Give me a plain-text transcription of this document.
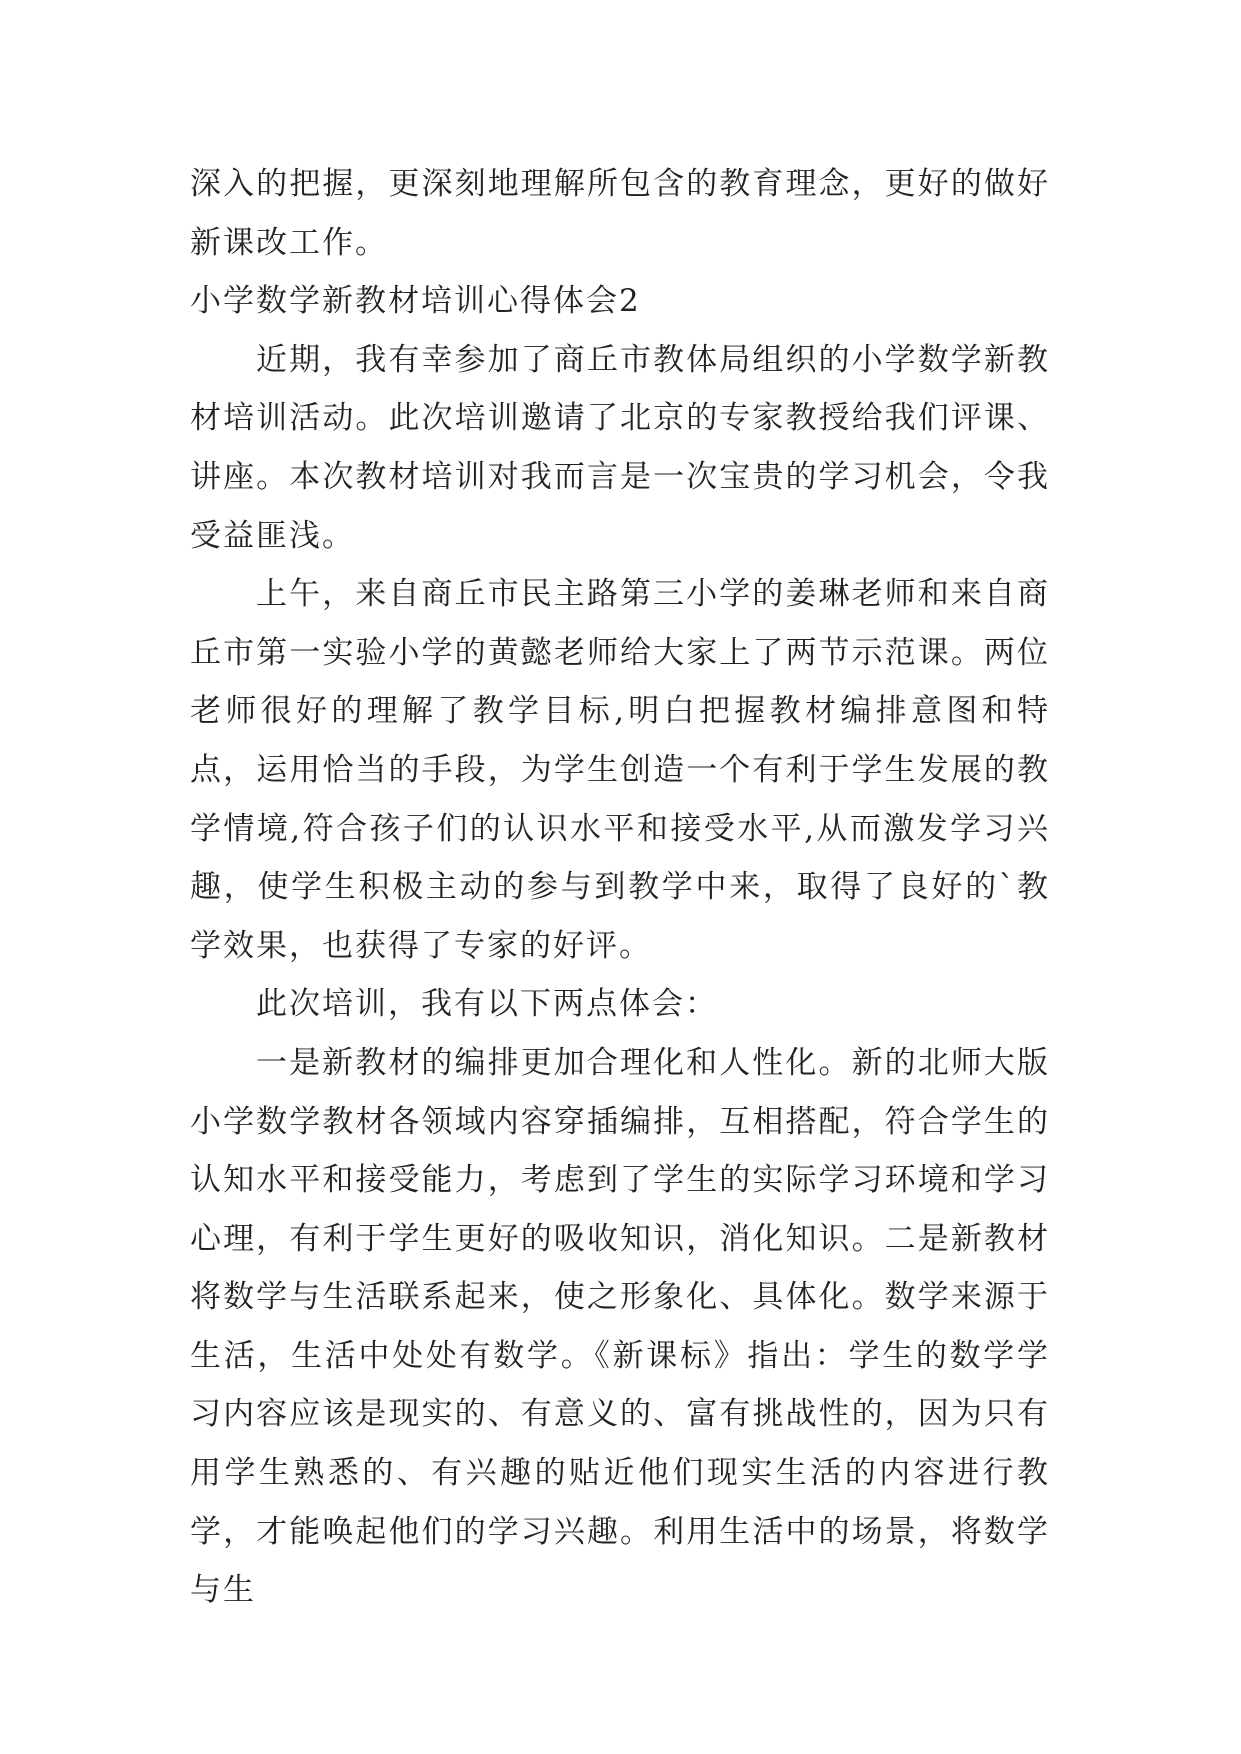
深入的把握，更深刻地理解所包含的教育理念，更好的做好新课改工作。

小学数学新教材培训心得体会2

近期，我有幸参加了商丘市教体局组织的小学数学新教材培训活动。此次培训邀请了北京的专家教授给我们评课、讲座。本次教材培训对我而言是一次宝贵的学习机会，令我受益匪浅。

上午，来自商丘市民主路第三小学的姜琳老师和来自商丘市第一实验小学的黄懿老师给大家上了两节示范课。两位老师很好的理解了教学目标,明白把握教材编排意图和特点，运用恰当的手段，为学生创造一个有利于学生发展的教学情境,符合孩子们的认识水平和接受水平,从而激发学习兴趣，使学生积极主动的参与到教学中来，取得了良好的`教学效果，也获得了专家的好评。

此次培训，我有以下两点体会：

一是新教材的编排更加合理化和人性化。新的北师大版小学数学教材各领域内容穿插编排，互相搭配，符合学生的认知水平和接受能力，考虑到了学生的实际学习环境和学习心理，有利于学生更好的吸收知识，消化知识。二是新教材将数学与生活联系起来，使之形象化、具体化。数学来源于生活，生活中处处有数学。《新课标》指出：学生的数学学习内容应该是现实的、有意义的、富有挑战性的，因为只有用学生熟悉的、有兴趣的贴近他们现实生活的内容进行教学，才能唤起他们的学习兴趣。利用生活中的场景，将数学与生
